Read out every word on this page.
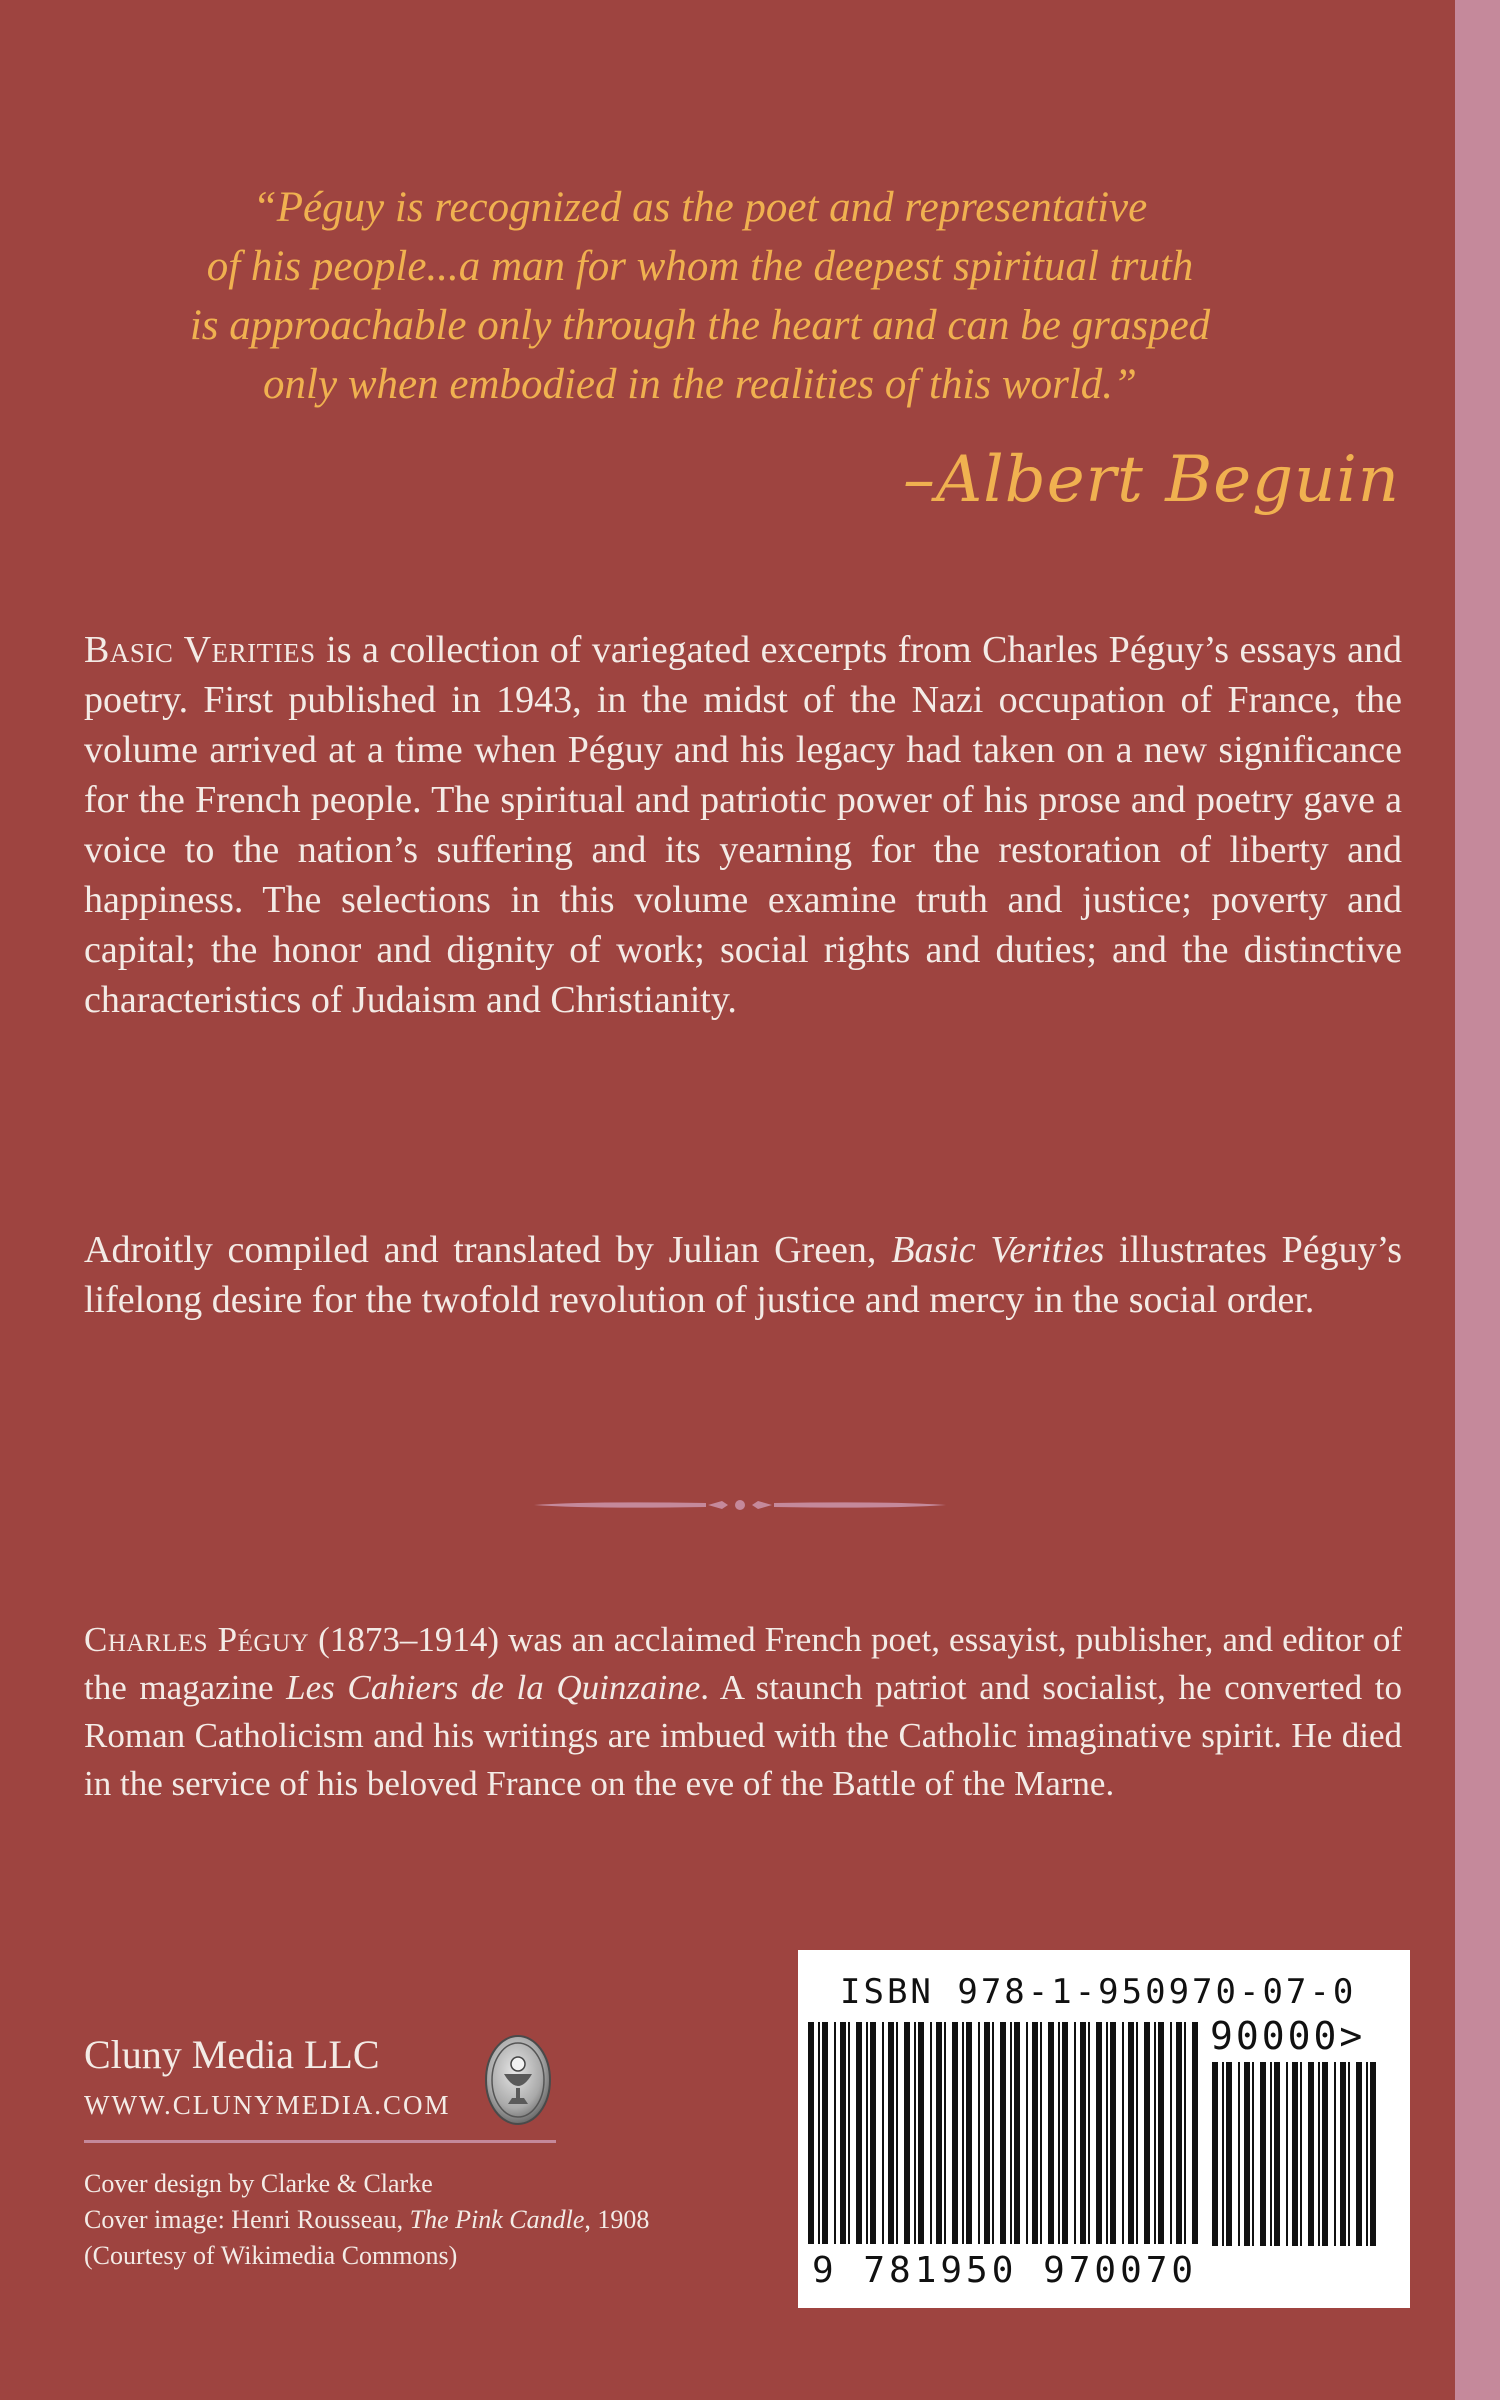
“Péguy is recognized as the poet and representative
of his people...a man for whom the deepest spiritual truth
is approachable only through the heart and can be grasped
only when embodied in the realities of this world.”
–Albert Beguin
Basic Verities is a collection of variegated excerpts from Charles Péguy’s essays and poetry. First published in 1943, in the midst of the Nazi occupation of France, the volume arrived at a time when Péguy and his legacy had taken on a new significance for the French people. The spiritual and patriotic power of his prose and poetry gave a voice to the nation’s suffering and its yearning for the restoration of liberty and happiness. The selections in this volume examine truth and justice; poverty and capital; the honor and dignity of work; social rights and duties; and the distinctive characteristics of Judaism and Christianity.
Adroitly compiled and translated by Julian Green, Basic Verities illustrates Péguy’s lifelong desire for the twofold revolution of justice and mercy in the social order.
Charles Péguy (1873–1914) was an acclaimed French poet, essayist, publisher, and editor of the magazine Les Cahiers de la Quinzaine. A staunch patriot and socialist, he converted to Roman Catholicism and his writings are imbued with the Catholic imaginative spirit. He died in the service of his beloved France on the eve of the Battle of the Marne.
Cluny Media LLC
WWW.CLUNYMEDIA.COM
Cover design by Clarke & Clarke
Cover image: Henri Rousseau, The Pink Candle, 1908
(Courtesy of Wikimedia Commons)
ISBN 978-1-950970-07-0
90000>
9 781950 970070
